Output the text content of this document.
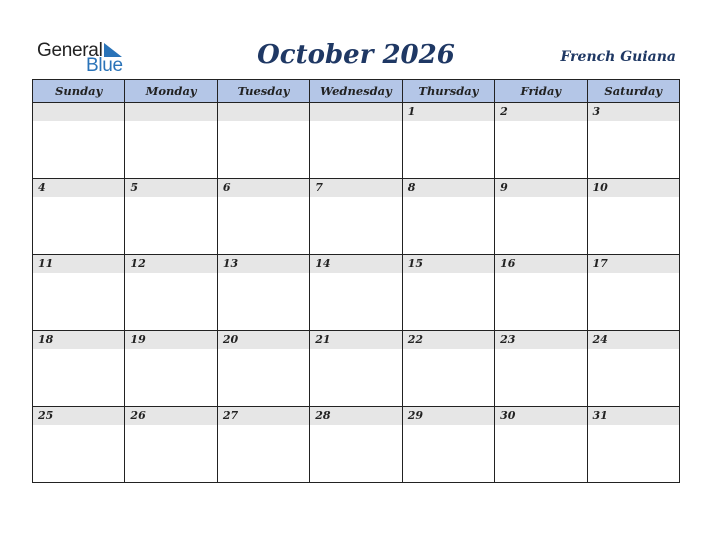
General
Blue	October 2026	French Guiana
Sunday	Monday	Tuesday	Wednesday	Thursday	Friday	Saturday

				1	2	3

4	5	6	7	8	9	10

11	12	13	14	15	16	17

18	19	20	21	22	23	24

25	26	27	28	29	30	31
